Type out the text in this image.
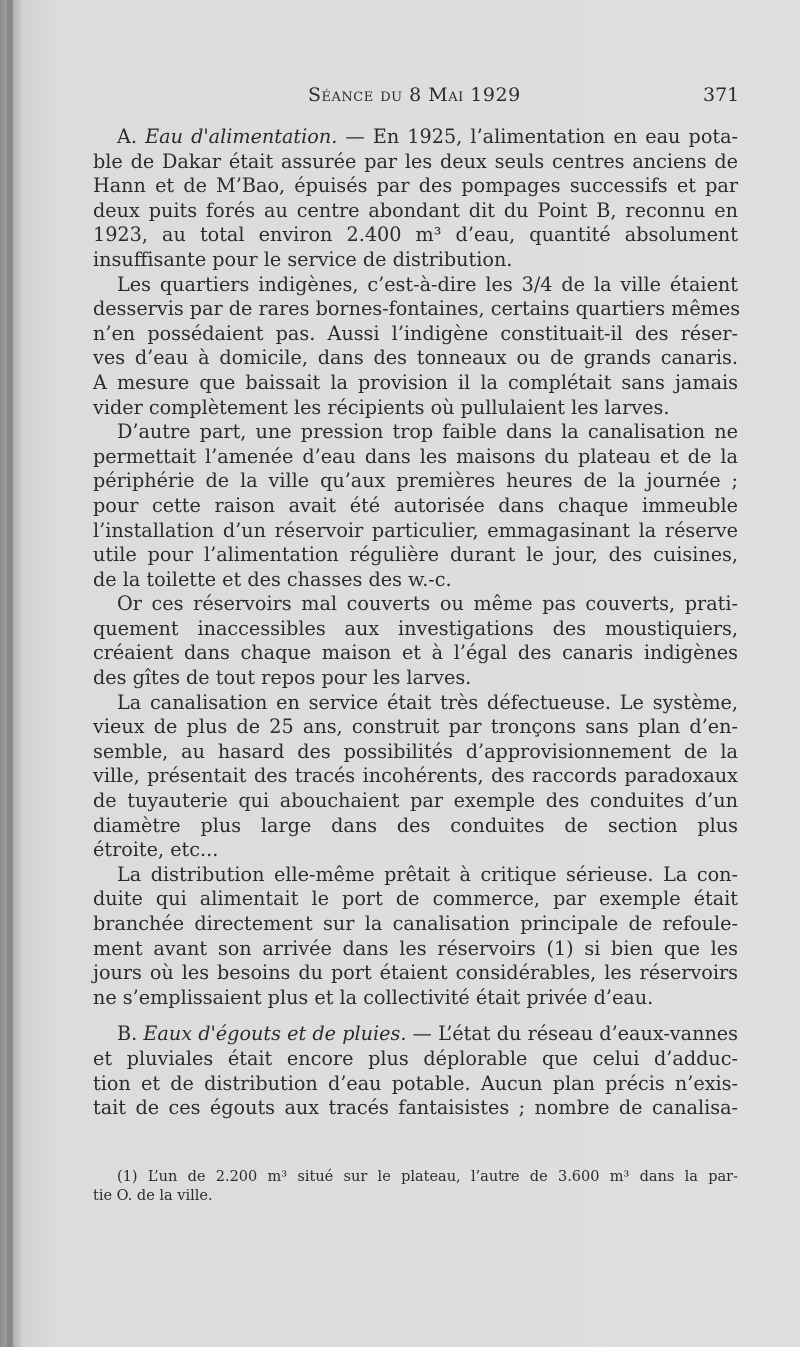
Séance du 8 Mai 1929	371
A. Eau d'alimentation. — En 1925, l’alimentation en eau pota-
ble de Dakar était assurée par les deux seuls centres anciens de
Hann et de M’Bao, épuisés par des pompages successifs et par
deux puits forés au centre abondant dit du Point B, reconnu en
1923, au total environ 2.400 m³ d’eau, quantité absolument
insuffisante pour le service de distribution.
Les quartiers indigènes, c’est-à-dire les 3/4 de la ville étaient
desservis par de rares bornes-fontaines, certains quartiers mêmes
n’en possédaient pas. Aussi l’indigène constituait-il des réser-
ves d’eau à domicile, dans des tonneaux ou de grands canaris.
A mesure que baissait la provision il la complétait sans jamais
vider complètement les récipients où pullulaient les larves.
D’autre part, une pression trop faible dans la canalisation ne
permettait l’amenée d’eau dans les maisons du plateau et de la
périphérie de la ville qu’aux premières heures de la journée ;
pour cette raison avait été autorisée dans chaque immeuble
l’installation d’un réservoir particulier, emmagasinant la réserve
utile pour l’alimentation régulière durant le jour, des cuisines,
de la toilette et des chasses des w.-c.
Or ces réservoirs mal couverts ou même pas couverts, prati-
quement inaccessibles aux investigations des moustiquiers,
créaient dans chaque maison et à l’égal des canaris indigènes
des gîtes de tout repos pour les larves.
La canalisation en service était très défectueuse. Le système,
vieux de plus de 25 ans, construit par tronçons sans plan d’en-
semble, au hasard des possibilités d’approvisionnement de la
ville, présentait des tracés incohérents, des raccords paradoxaux
de tuyauterie qui abouchaient par exemple des conduites d’un
diamètre plus large dans des conduites de section plus
étroite, etc...
La distribution elle-même prêtait à critique sérieuse. La con-
duite qui alimentait le port de commerce, par exemple était
branchée directement sur la canalisation principale de refoule-
ment avant son arrivée dans les réservoirs (1) si bien que les
jours où les besoins du port étaient considérables, les réservoirs
ne s’emplissaient plus et la collectivité était privée d’eau.
B. Eaux d'égouts et de pluies. — L’état du réseau d’eaux-vannes
et pluviales était encore plus déplorable que celui d’adduc-
tion et de distribution d’eau potable. Aucun plan précis n’exis-
tait de ces égouts aux tracés fantaisistes ; nombre de canalisa-
(1) L’un de 2.200 m³ situé sur le plateau, l’autre de 3.600 m³ dans la par-
tie O. de la ville.
